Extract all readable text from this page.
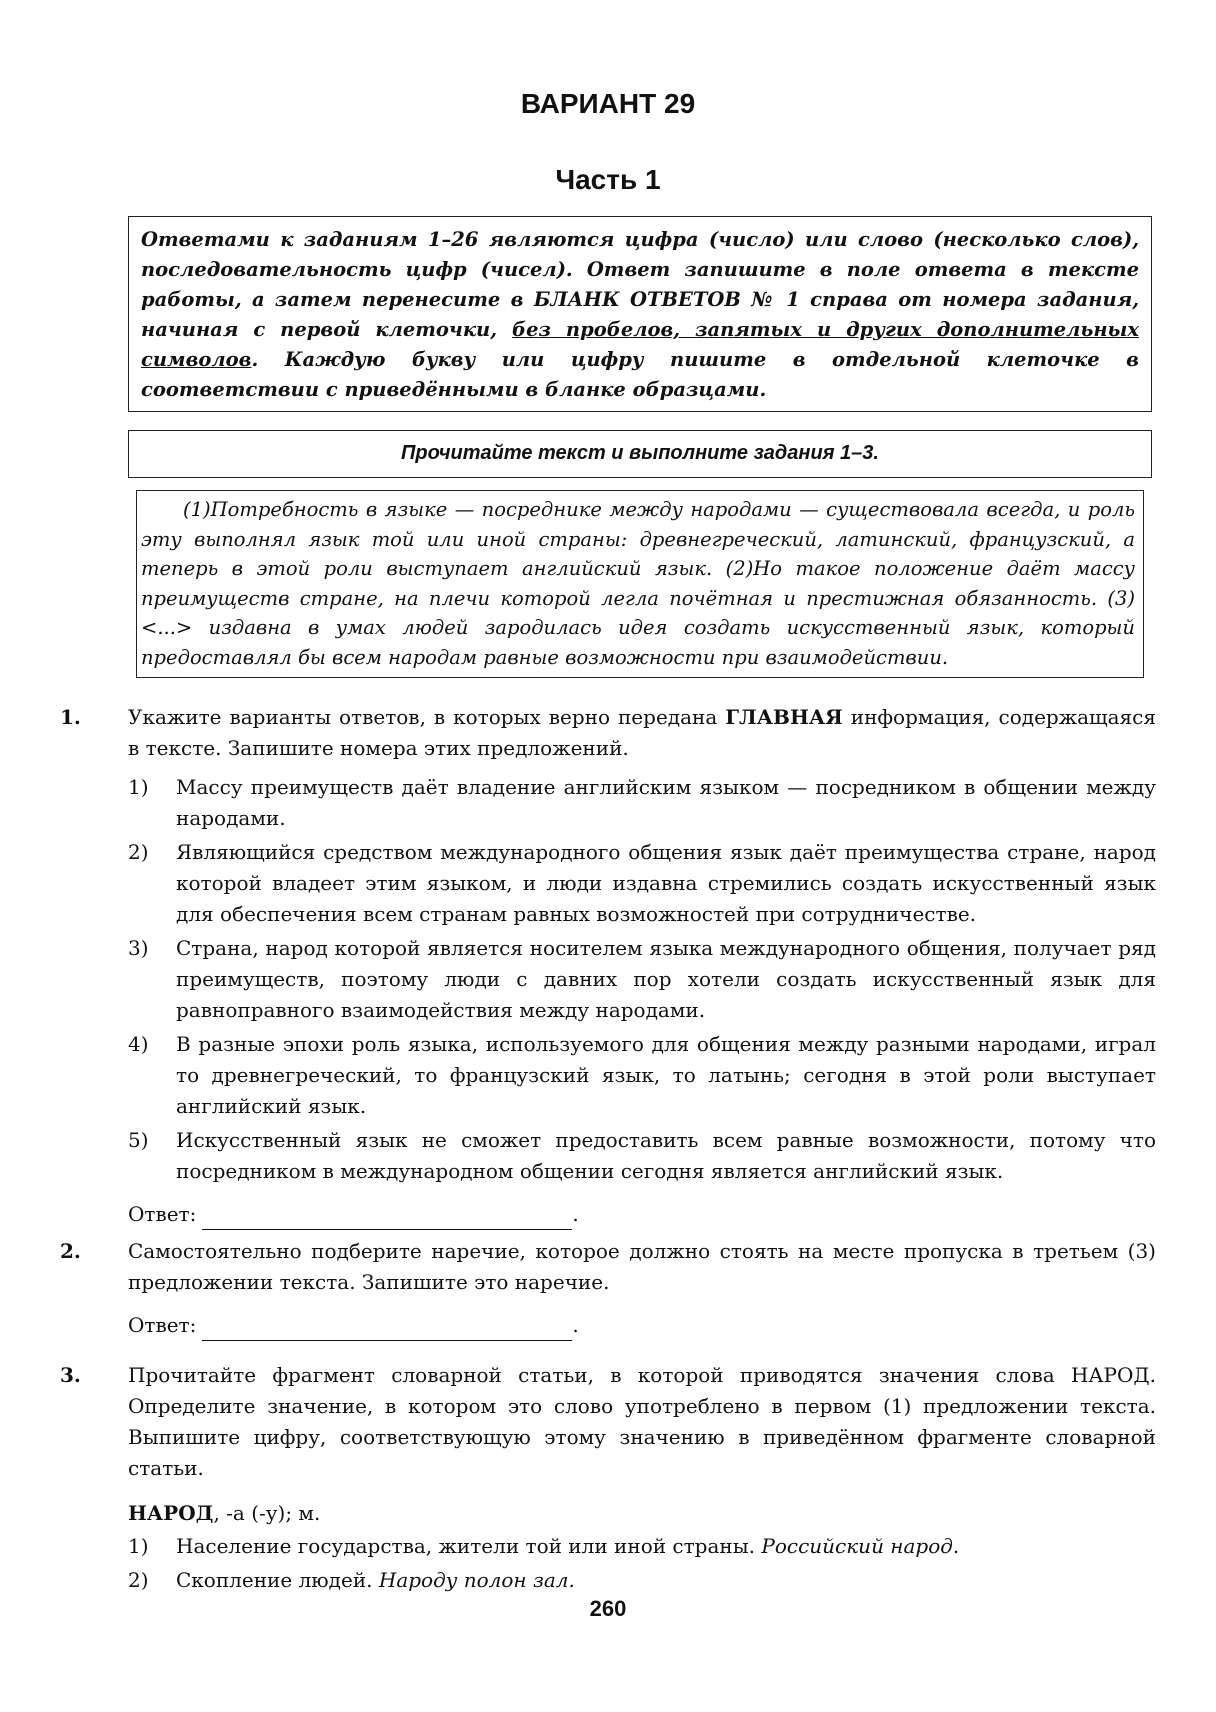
ВАРИАНТ 29
Часть 1
Ответами к заданиям 1–26 являются цифра (число) или слово (несколько слов), последовательность цифр (чисел). Ответ запишите в поле ответа в тексте работы, а затем перенесите в БЛАНК ОТВЕТОВ № 1 справа от номера задания, начиная с первой клеточки, без пробелов, запятых и других дополнительных символов. Каждую букву или цифру пишите в отдельной клеточке в соответствии с приведёнными в бланке образцами.
Прочитайте текст и выполните задания 1–3.
(1)Потребность в языке — посреднике между народами — существовала всегда, и роль эту выполнял язык той или иной страны: древнегреческий, латинский, французский, а теперь в этой роли выступает английский язык. (2)Но такое положение даёт массу преимуществ стране, на плечи которой легла почётная и престижная обязанность. (3)<...> издавна в умах людей зародилась идея создать искусственный язык, который предоставлял бы всем народам равные возможности при взаимодействии.
1. Укажите варианты ответов, в которых верно передана ГЛАВНАЯ информация, содержащаяся в тексте. Запишите номера этих предложений.
1) Массу преимуществ даёт владение английским языком — посредником в общении между народами.
2) Являющийся средством международного общения язык даёт преимущества стране, народ которой владеет этим языком, и люди издавна стремились создать искусственный язык для обеспечения всем странам равных возможностей при сотрудничестве.
3) Страна, народ которой является носителем языка международного общения, получает ряд преимуществ, поэтому люди с давних пор хотели создать искусственный язык для равноправного взаимодействия между народами.
4) В разные эпохи роль языка, используемого для общения между разными народами, играл то древнегреческий, то французский язык, то латынь; сегодня в этой роли выступает английский язык.
5) Искусственный язык не сможет предоставить всем равные возможности, потому что посредником в международном общении сегодня является английский язык.
Ответ:	.
2. Самостоятельно подберите наречие, которое должно стоять на месте пропуска в третьем (3) предложении текста. Запишите это наречие.
Ответ:	.
3. Прочитайте фрагмент словарной статьи, в которой приводятся значения слова НАРОД. Определите значение, в котором это слово употреблено в первом (1) предложении текста. Выпишите цифру, соответствующую этому значению в приведённом фрагменте словарной статьи.
НАРОД, -а (-у); м.
1) Население государства, жители той или иной страны. Российский народ.
2) Скопление людей. Народу полон зал.
260
